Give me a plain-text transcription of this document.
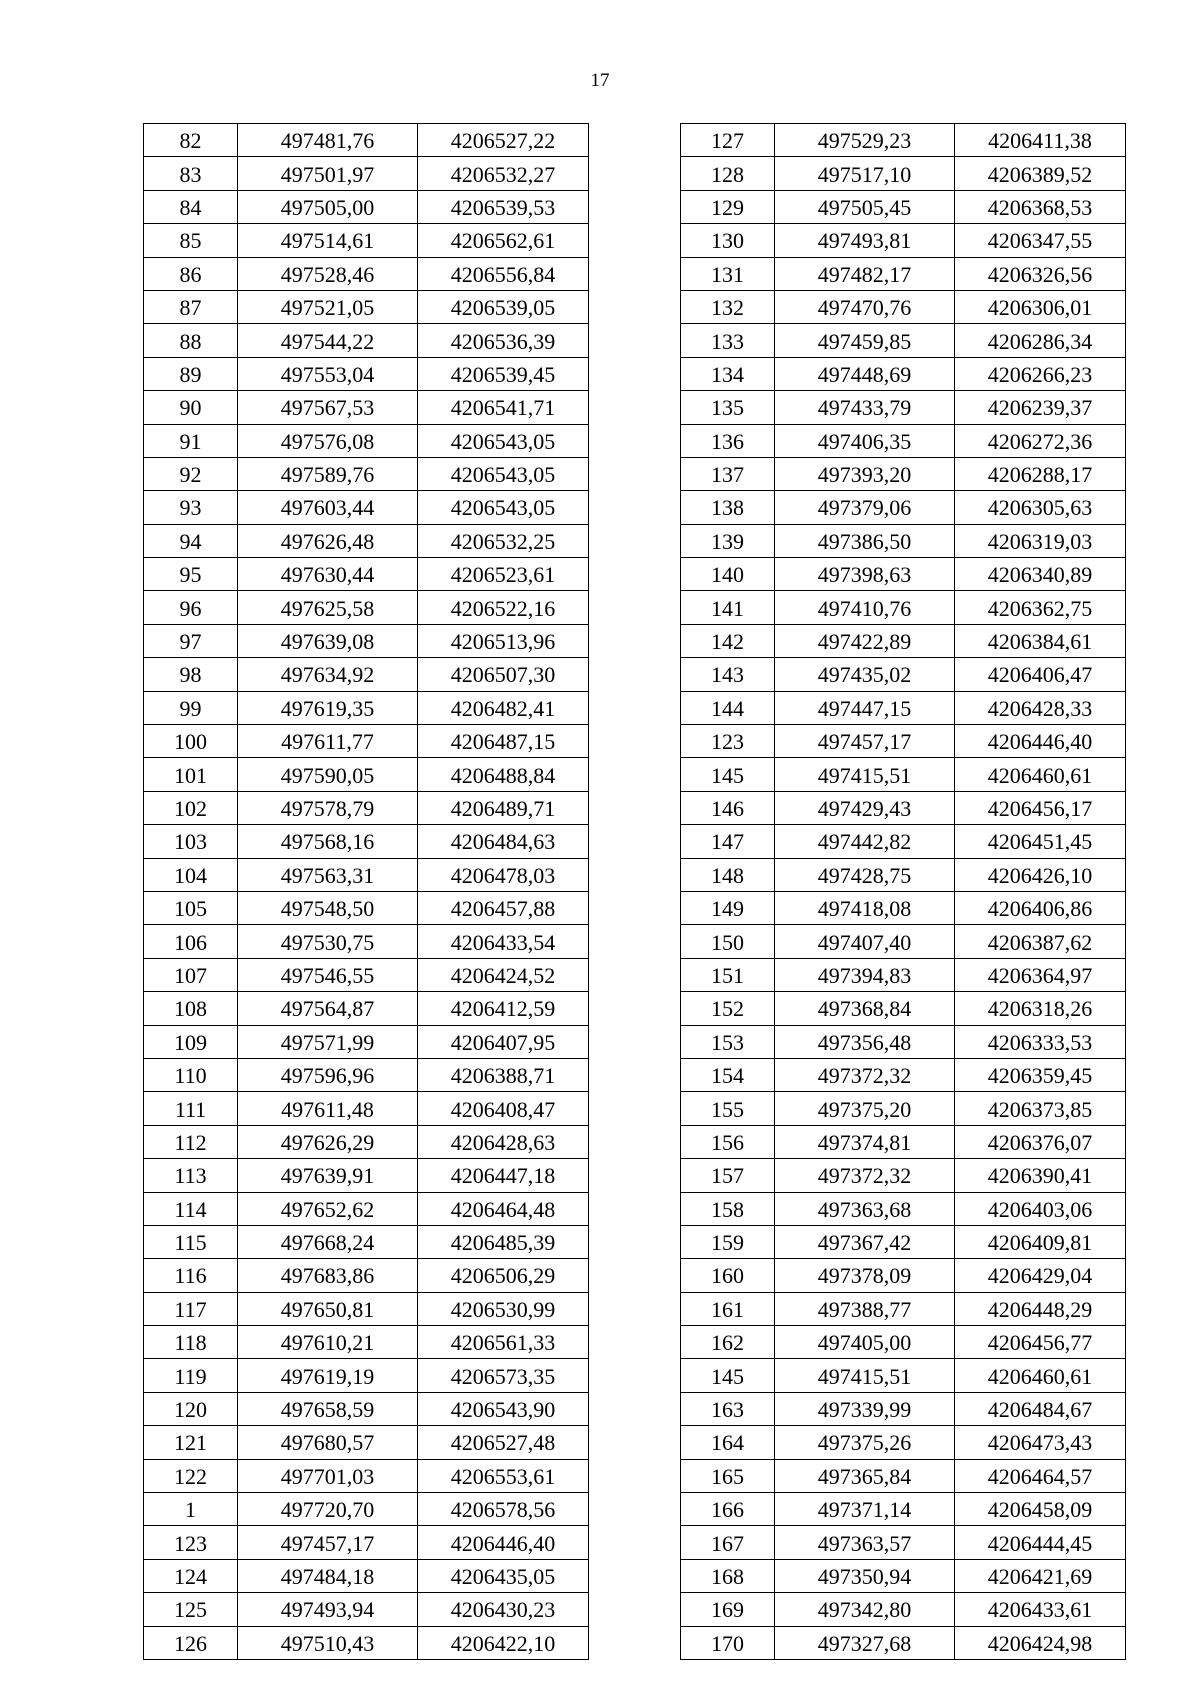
17
82	497481,76	4206527,22
83	497501,97	4206532,27
84	497505,00	4206539,53
85	497514,61	4206562,61
86	497528,46	4206556,84
87	497521,05	4206539,05
88	497544,22	4206536,39
89	497553,04	4206539,45
90	497567,53	4206541,71
91	497576,08	4206543,05
92	497589,76	4206543,05
93	497603,44	4206543,05
94	497626,48	4206532,25
95	497630,44	4206523,61
96	497625,58	4206522,16
97	497639,08	4206513,96
98	497634,92	4206507,30
99	497619,35	4206482,41
100	497611,77	4206487,15
101	497590,05	4206488,84
102	497578,79	4206489,71
103	497568,16	4206484,63
104	497563,31	4206478,03
105	497548,50	4206457,88
106	497530,75	4206433,54
107	497546,55	4206424,52
108	497564,87	4206412,59
109	497571,99	4206407,95
110	497596,96	4206388,71
111	497611,48	4206408,47
112	497626,29	4206428,63
113	497639,91	4206447,18
114	497652,62	4206464,48
115	497668,24	4206485,39
116	497683,86	4206506,29
117	497650,81	4206530,99
118	497610,21	4206561,33
119	497619,19	4206573,35
120	497658,59	4206543,90
121	497680,57	4206527,48
122	497701,03	4206553,61
1	497720,70	4206578,56
123	497457,17	4206446,40
124	497484,18	4206435,05
125	497493,94	4206430,23
126	497510,43	4206422,10
127	497529,23	4206411,38
128	497517,10	4206389,52
129	497505,45	4206368,53
130	497493,81	4206347,55
131	497482,17	4206326,56
132	497470,76	4206306,01
133	497459,85	4206286,34
134	497448,69	4206266,23
135	497433,79	4206239,37
136	497406,35	4206272,36
137	497393,20	4206288,17
138	497379,06	4206305,63
139	497386,50	4206319,03
140	497398,63	4206340,89
141	497410,76	4206362,75
142	497422,89	4206384,61
143	497435,02	4206406,47
144	497447,15	4206428,33
123	497457,17	4206446,40
145	497415,51	4206460,61
146	497429,43	4206456,17
147	497442,82	4206451,45
148	497428,75	4206426,10
149	497418,08	4206406,86
150	497407,40	4206387,62
151	497394,83	4206364,97
152	497368,84	4206318,26
153	497356,48	4206333,53
154	497372,32	4206359,45
155	497375,20	4206373,85
156	497374,81	4206376,07
157	497372,32	4206390,41
158	497363,68	4206403,06
159	497367,42	4206409,81
160	497378,09	4206429,04
161	497388,77	4206448,29
162	497405,00	4206456,77
145	497415,51	4206460,61
163	497339,99	4206484,67
164	497375,26	4206473,43
165	497365,84	4206464,57
166	497371,14	4206458,09
167	497363,57	4206444,45
168	497350,94	4206421,69
169	497342,80	4206433,61
170	497327,68	4206424,98
